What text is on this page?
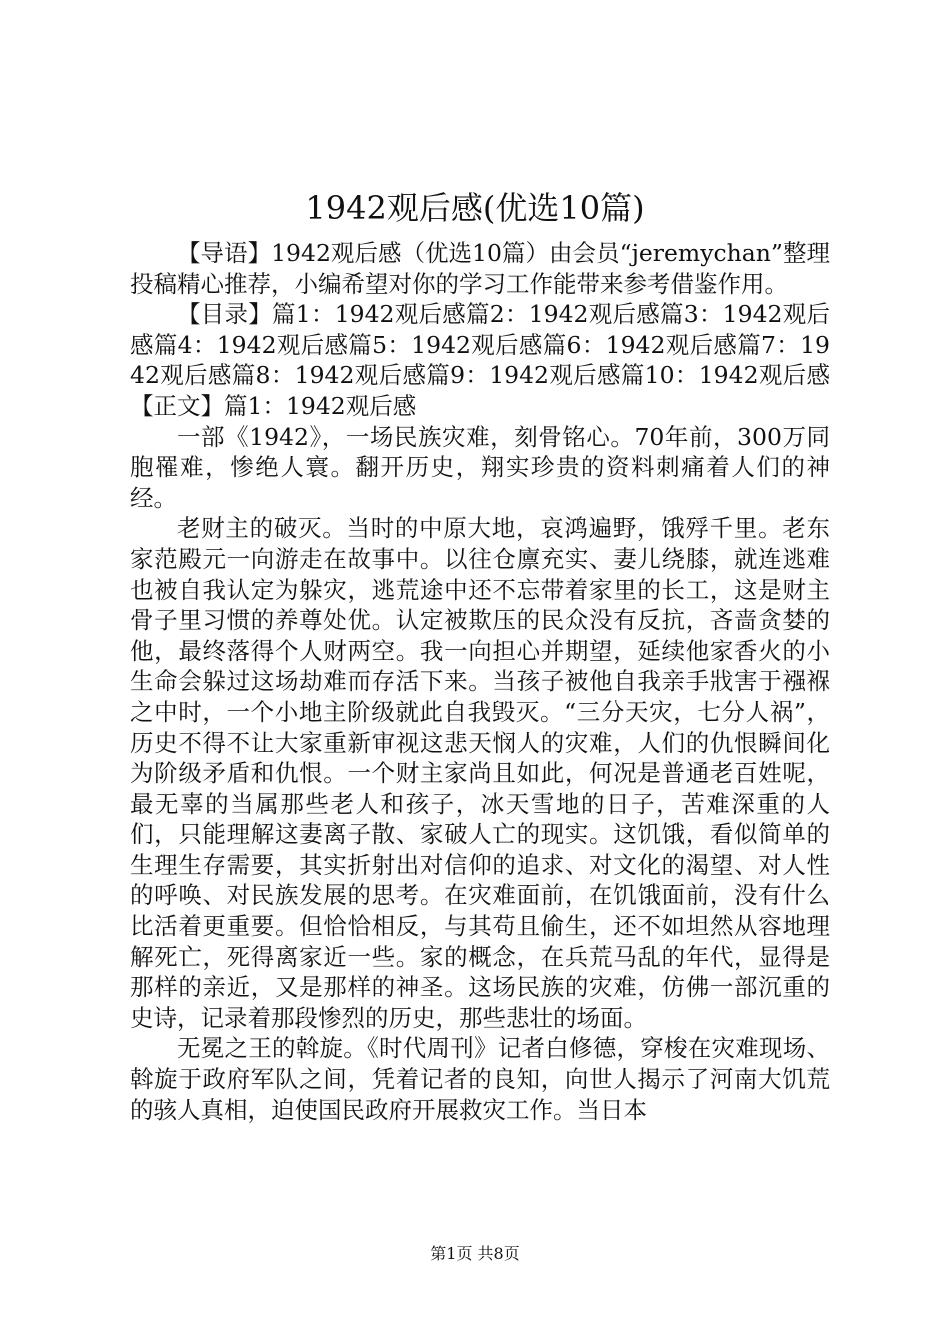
1942观后感(优选10篇)

【导语】1942观后感（优选10篇）由会员“jeremychan”整理投稿精心推荐，小编希望对你的学习工作能带来参考借鉴作用。

【目录】篇1：1942观后感篇2：1942观后感篇3：1942观后感篇4：1942观后感篇5：1942观后感篇6：1942观后感篇7：1942观后感篇8：1942观后感篇9：1942观后感篇10：1942观后感【正文】篇1：1942观后感

一部《1942》，一场民族灾难，刻骨铭心。70年前，300万同胞罹难，惨绝人寰。翻开历史，翔实珍贵的资料刺痛着人们的神经。

老财主的破灭。当时的中原大地，哀鸿遍野，饿殍千里。老东家范殿元一向游走在故事中。以往仓廪充实、妻儿绕膝，就连逃难也被自我认定为躲灾，逃荒途中还不忘带着家里的长工，这是财主骨子里习惯的养尊处优。认定被欺压的民众没有反抗，吝啬贪婪的他，最终落得个人财两空。我一向担心并期望，延续他家香火的小生命会躲过这场劫难而存活下来。当孩子被他自我亲手戕害于襁褓之中时，一个小地主阶级就此自我毁灭。“三分天灾，七分人祸”，历史不得不让大家重新审视这悲天悯人的灾难，人们的仇恨瞬间化为阶级矛盾和仇恨。一个财主家尚且如此，何况是普通老百姓呢，最无辜的当属那些老人和孩子，冰天雪地的日子，苦难深重的人们，只能理解这妻离子散、家破人亡的现实。这饥饿，看似简单的生理生存需要，其实折射出对信仰的追求、对文化的渴望、对人性的呼唤、对民族发展的思考。在灾难面前，在饥饿面前，没有什么比活着更重要。但恰恰相反，与其苟且偷生，还不如坦然从容地理解死亡，死得离家近一些。家的概念，在兵荒马乱的年代，显得是那样的亲近，又是那样的神圣。这场民族的灾难，仿佛一部沉重的史诗，记录着那段惨烈的历史，那些悲壮的场面。

无冕之王的斡旋。《时代周刊》记者白修德，穿梭在灾难现场、斡旋于政府军队之间，凭着记者的良知，向世人揭示了河南大饥荒的骇人真相，迫使国民政府开展救灾工作。当日本

第1页 共8页
